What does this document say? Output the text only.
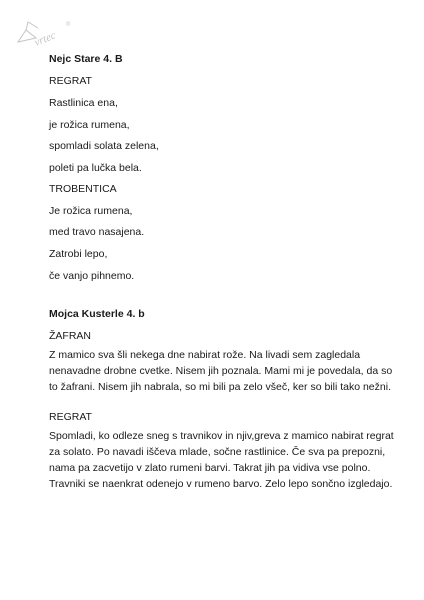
vrtec
®
Nejc Stare 4. B
REGRAT
Rastlinica ena,
je rožica rumena,
spomladi solata zelena,
poleti pa lučka bela.
TROBENTICA
Je rožica rumena,
med travo nasajena.
Zatrobi lepo,
če vanjo pihnemo.
Mojca Kusterle 4. b
ŽAFRAN
Z mamico sva šli nekega dne nabirat rože. Na livadi sem zagledala nenavadne drobne cvetke. Nisem jih poznala. Mami mi je povedala, da so to žafrani. Nisem jih nabrala, so mi bili pa zelo všeč, ker so bili tako nežni.
REGRAT
Spomladi, ko odleze sneg s travnikov in njiv,greva z mamico nabirat regrat za solato. Po navadi iščeva mlade, sočne rastlinice. Če sva pa prepozni, nama pa zacvetijo v zlato rumeni barvi. Takrat jih pa vidiva vse polno. Travniki se naenkrat odenejo v rumeno barvo. Zelo lepo sončno izgledajo.
